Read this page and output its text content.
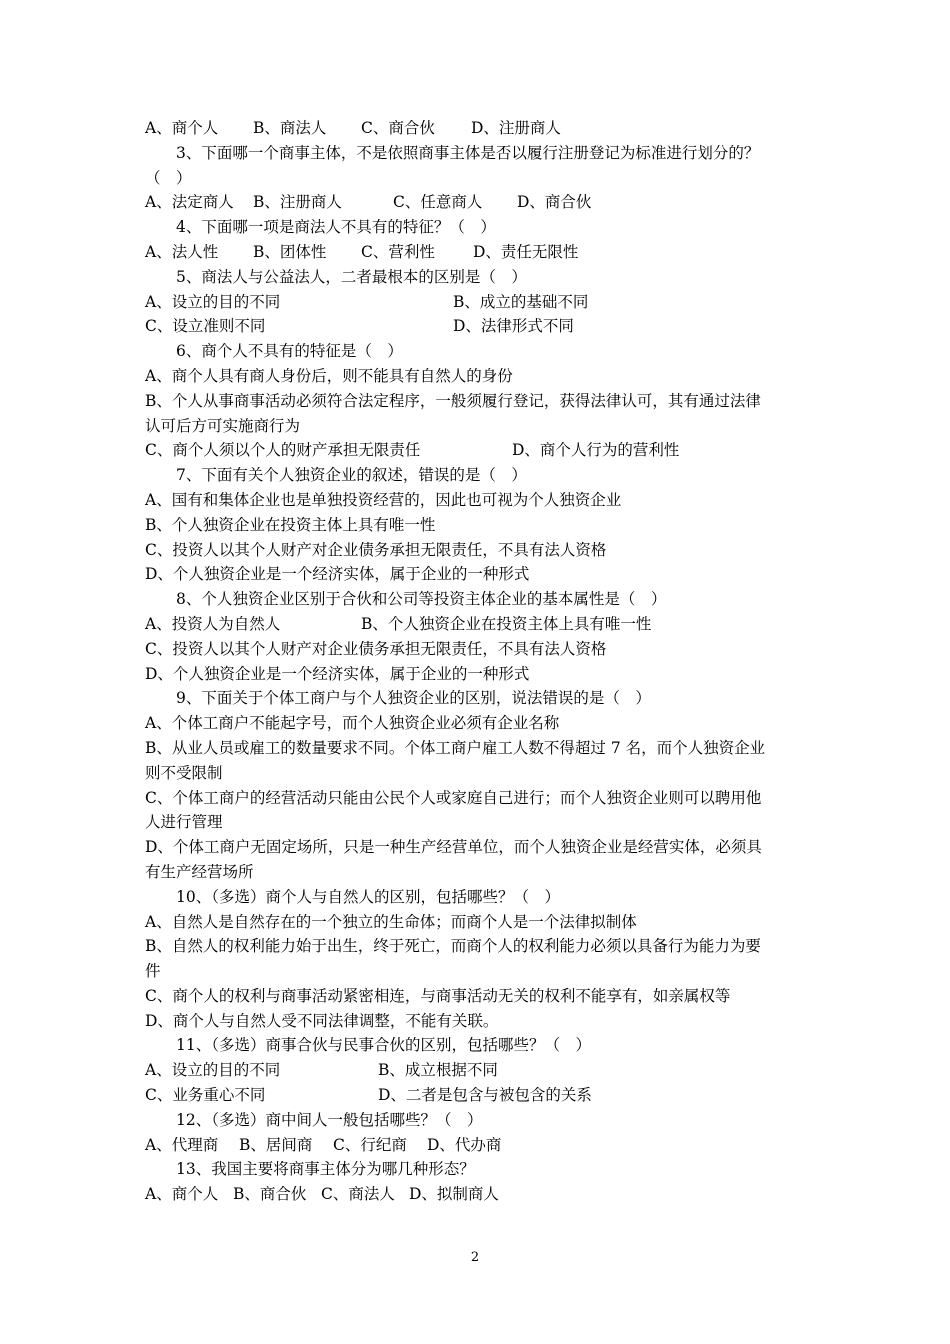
A、商个人 B、商法人 C、商合伙 D、注册商人
3、下面哪一个商事主体，不是依照商事主体是否以履行注册登记为标准进行划分的？
（　）
A、法定商人 B、注册商人	C、任意商人 D、商合伙
4、下面哪一项是商法人不具有的特征？（　）
A、法人性 B、团体性 C、营利性 D、责任无限性
5、商法人与公益法人，二者最根本的区别是（　）
A、设立的目的不同	B、成立的基础不同
C、设立准则不同	D、法律形式不同
6、商个人不具有的特征是（　）
A、商个人具有商人身份后，则不能具有自然人的身份
B、个人从事商事活动必须符合法定程序，一般须履行登记，获得法律认可，其有通过法律
认可后方可实施商行为
C、商个人须以个人的财产承担无限责任	D、商个人行为的营利性
7、下面有关个人独资企业的叙述，错误的是（　）
A、国有和集体企业也是单独投资经营的，因此也可视为个人独资企业
B、个人独资企业在投资主体上具有唯一性
C、投资人以其个人财产对企业债务承担无限责任，不具有法人资格
D、个人独资企业是一个经济实体，属于企业的一种形式
8、个人独资企业区别于合伙和公司等投资主体企业的基本属性是（　）
A、投资人为自然人	B、个人独资企业在投资主体上具有唯一性
C、投资人以其个人财产对企业债务承担无限责任，不具有法人资格
D、个人独资企业是一个经济实体，属于企业的一种形式
9、下面关于个体工商户与个人独资企业的区别，说法错误的是（　）
A、个体工商户不能起字号，而个人独资企业必须有企业名称
B、从业人员或雇工的数量要求不同。个体工商户雇工人数不得超过 7 名，而个人独资企业
则不受限制
C、个体工商户的经营活动只能由公民个人或家庭自己进行；而个人独资企业则可以聘用他
人进行管理
D、个体工商户无固定场所，只是一种生产经营单位，而个人独资企业是经营实体，必须具
有生产经营场所
10、（多选）商个人与自然人的区别，包括哪些？（　）
A、自然人是自然存在的一个独立的生命体；而商个人是一个法律拟制体
B、自然人的权利能力始于出生，终于死亡，而商个人的权利能力必须以具备行为能力为要
件
C、商个人的权利与商事活动紧密相连，与商事活动无关的权利不能享有，如亲属权等
D、商个人与自然人受不同法律调整，不能有关联。
11、（多选）商事合伙与民事合伙的区别，包括哪些？（　）
A、设立的目的不同	B、成立根据不同
C、业务重心不同	D、二者是包含与被包含的关系
12、（多选）商中间人一般包括哪些？（　）
A、代理商 B、居间商 C、行纪商 D、代办商
13、我国主要将商事主体分为哪几种形态？
A、商个人 B、商合伙 C、商法人 D、拟制商人
2
